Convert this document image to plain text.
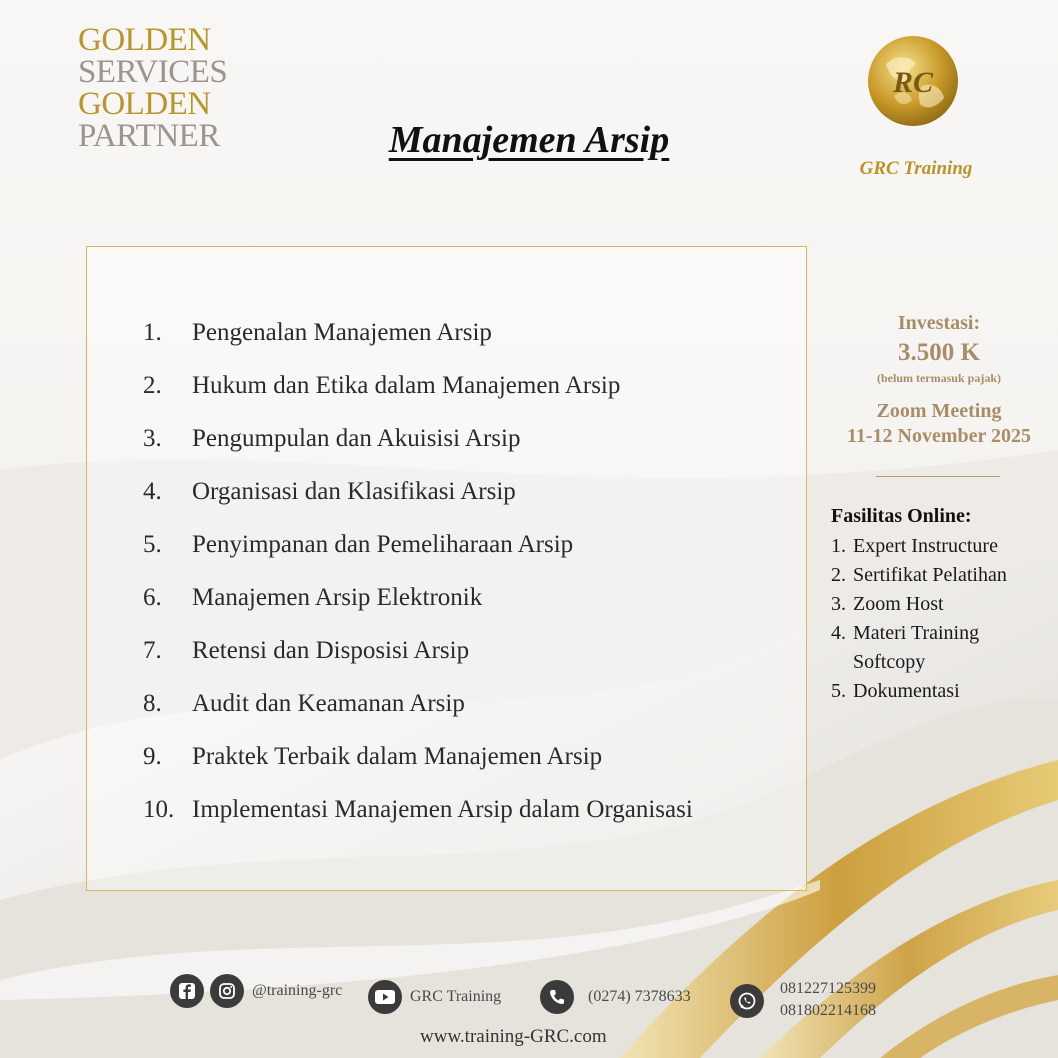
GOLDEN
SERVICES
GOLDEN
PARTNER	Manajemen Arsip
RC
GRC Training
1.	Pengenalan Manajemen Arsip
2.	Hukum dan Etika dalam Manajemen Arsip
3.	Pengumpulan dan Akuisisi Arsip
4.	Organisasi dan Klasifikasi Arsip
5.	Penyimpanan dan Pemeliharaan Arsip
6.	Manajemen Arsip Elektronik
7.	Retensi dan Disposisi Arsip
8.	Audit dan Keamanan Arsip
9.	Praktek Terbaik dalam Manajemen Arsip
10. Implementasi Manajemen Arsip dalam Organisasi
Investasi:
3.500 K
(belum termasuk pajak)
Zoom Meeting
11-12 November 2025
Fasilitas Online:
1. Expert Instructure
2. Sertifikat Pelatihan
3. Zoom Host
4. Materi Training Softcopy
5. Dokumentasi
@training-grc	GRC Training	(0274) 7378633	081227125399
081802214168
www.training-GRC.com
